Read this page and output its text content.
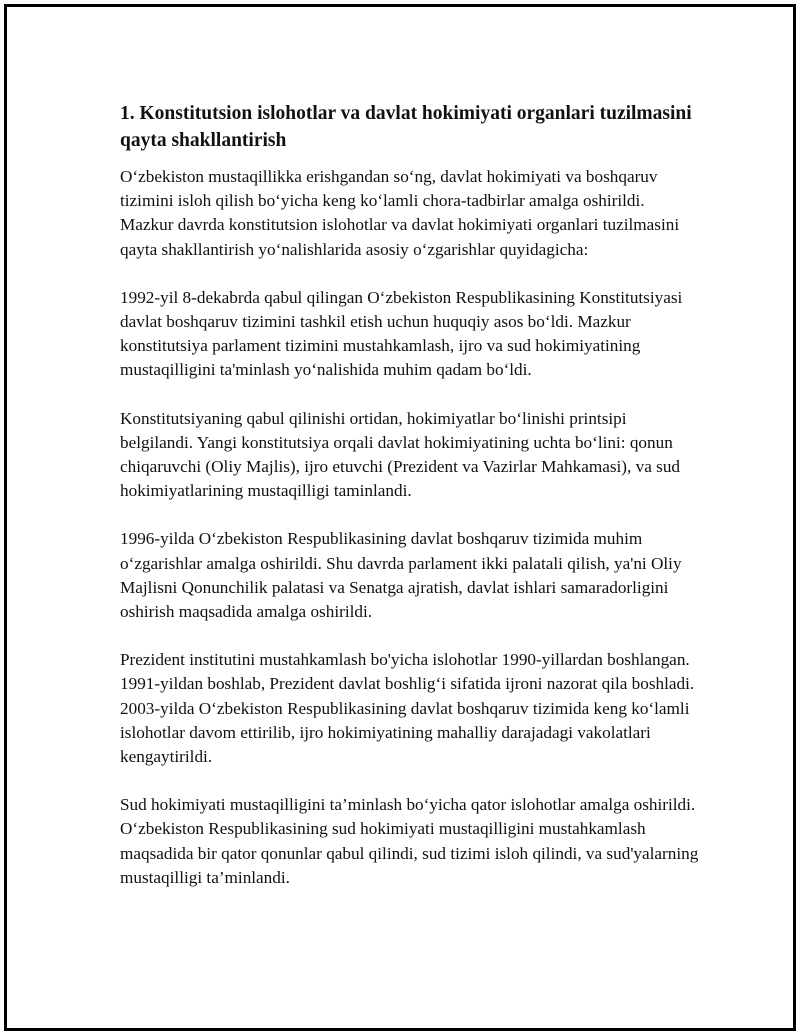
1. Konstitutsion islohotlar va davlat hokimiyati organlari tuzilmasini qayta shakllantirish

O‘zbekiston mustaqillikka erishgandan so‘ng, davlat hokimiyati va boshqaruv tizimini isloh qilish bo‘yicha keng ko‘lamli chora-tadbirlar amalga oshirildi. Mazkur davrda konstitutsion islohotlar va davlat hokimiyati organlari tuzilmasini qayta shakllantirish yo‘nalishlarida asosiy o‘zgarishlar quyidagicha:

1992-yil 8-dekabrda qabul qilingan O‘zbekiston Respublikasining Konstitutsiyasi davlat boshqaruv tizimini tashkil etish uchun huquqiy asos bo‘ldi. Mazkur konstitutsiya parlament tizimini mustahkamlash, ijro va sud hokimiyatining mustaqilligini ta'minlash yo‘nalishida muhim qadam bo‘ldi.

Konstitutsiyaning qabul qilinishi ortidan, hokimiyatlar bo‘linishi printsipi belgilandi. Yangi konstitutsiya orqali davlat hokimiyatining uchta bo‘lini: qonun chiqaruvchi (Oliy Majlis), ijro etuvchi (Prezident va Vazirlar Mahkamasi), va sud hokimiyatlarining mustaqilligi taminlandi.

1996-yilda O‘zbekiston Respublikasining davlat boshqaruv tizimida muhim o‘zgarishlar amalga oshirildi. Shu davrda parlament ikki palatali qilish, ya'ni Oliy Majlisni Qonunchilik palatasi va Senatga ajratish, davlat ishlari samaradorligini oshirish maqsadida amalga oshirildi.

Prezident institutini mustahkamlash bo'yicha islohotlar 1990-yillardan boshlangan. 1991-yildan boshlab, Prezident davlat boshlig‘i sifatida ijroni nazorat qila boshladi. 2003-yilda O‘zbekiston Respublikasining davlat boshqaruv tizimida keng ko‘lamli islohotlar davom ettirilib, ijro hokimiyatining mahalliy darajadagi vakolatlari kengaytirildi.

Sud hokimiyati mustaqilligini ta’minlash bo‘yicha qator islohotlar amalga oshirildi. O‘zbekiston Respublikasining sud hokimiyati mustaqilligini mustahkamlash maqsadida bir qator qonunlar qabul qilindi, sud tizimi isloh qilindi, va sud'yalarning mustaqilligi ta’minlandi.
